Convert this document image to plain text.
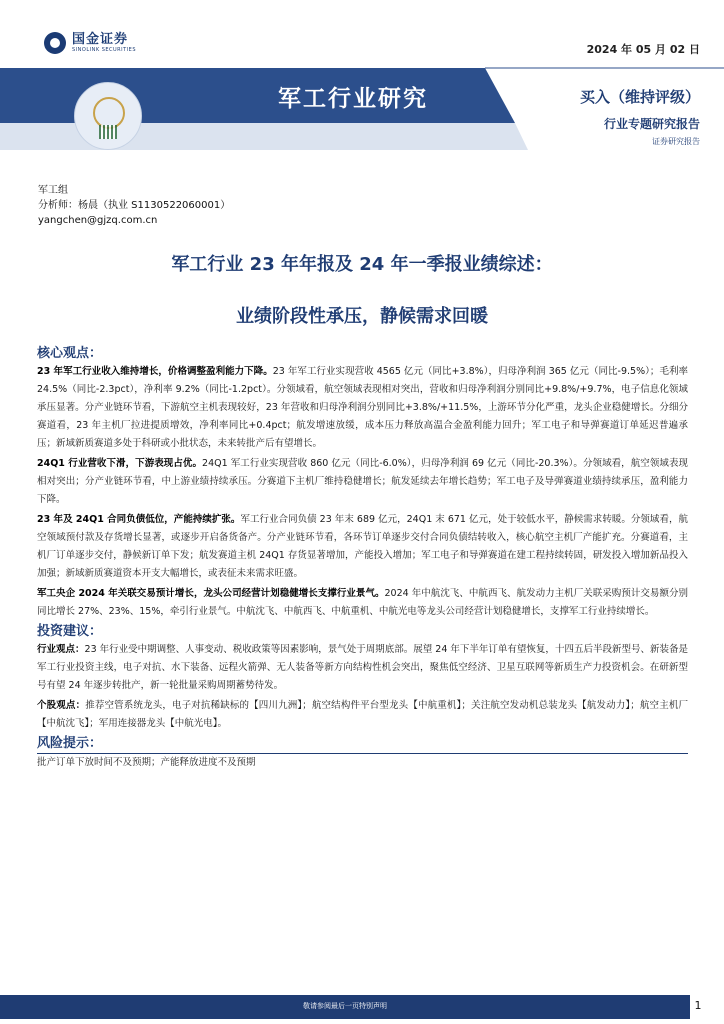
国金证券
SINOLINK SECURITIES	2024 年 05 月 02 日
军工行业研究	买入（维持评级）
行业专题研究报告
证券研究报告
军工组
分析师：杨晨（执业 S1130522060001）
yangchen@gjzq.com.cn
军工行业 23 年年报及 24 年一季报业绩综述：
业绩阶段性承压，静候需求回暖
核心观点：

23 年军工行业收入维持增长，价格调整盈利能力下降。23 年军工行业实现营收 4565 亿元（同比+3.8%），归母净利润 365 亿元（同比-9.5%）；毛利率 24.5%（同比-2.3pct），净利率 9.2%（同比-1.2pct）。分领域看，航空领域表现相对突出，营收和归母净利润分别同比+9.8%/+9.7%，电子信息化领域承压显著。分产业链环节看，下游航空主机表现较好，23 年营收和归母净利润分别同比+3.8%/+11.5%，上游环节分化严重，龙头企业稳健增长。分细分赛道看，23 年主机厂拉进提质增效，净利率同比+0.4pct；航发增速放缓，成本压力释放高温合金盈利能力回升；军工电子和导弹赛道订单延迟普遍承压；新域新质赛道多处于科研或小批状态，未来转批产后有望增长。

24Q1 行业营收下滑，下游表现占优。24Q1 军工行业实现营收 860 亿元（同比-6.0%），归母净利润 69 亿元（同比-20.3%）。分领域看，航空领域表现相对突出；分产业链环节看，中上游业绩持续承压。分赛道下主机厂维持稳健增长；航发延续去年增长趋势；军工电子及导弹赛道业绩持续承压，盈利能力下降。

23 年及 24Q1 合同负债低位，产能持续扩张。军工行业合同负债 23 年末 689 亿元，24Q1 末 671 亿元，处于较低水平，静候需求转暖。分领域看，航空领域预付款及存货增长显著，或逐步开启备货备产。分产业链环节看，各环节订单逐步交付合同负债结转收入，核心航空主机厂产能扩充。分赛道看，主机厂订单逐步交付，静候新订单下发；航发赛道主机 24Q1 存货显著增加，产能投入增加；军工电子和导弹赛道在建工程持续转固，研发投入增加新品投入加强；新域新质赛道资本开支大幅增长，或表征未来需求旺盛。

军工央企 2024 年关联交易预计增长，龙头公司经营计划稳健增长支撑行业景气。2024 年中航沈飞、中航西飞、航发动力主机厂关联采购预计交易额分别同比增长 27%、23%、15%，牵引行业景气。中航沈飞、中航西飞、中航重机、中航光电等龙头公司经营计划稳健增长，支撑军工行业持续增长。

投资建议：

行业观点：23 年行业受中期调整、人事变动、税收政策等因素影响，景气处于周期底部。展望 24 年下半年订单有望恢复，十四五后半段新型号、新装备是军工行业投资主线，电子对抗、水下装备、远程火箭弹、无人装备等新方向结构性机会突出，聚焦低空经济、卫星互联网等新质生产力投资机会。在研新型号有望 24 年逐步转批产，新一轮批量采购周期蓄势待发。

个股观点：推荐空管系统龙头，电子对抗稀缺标的【四川九洲】；航空结构件平台型龙头【中航重机】；关注航空发动机总装龙头【航发动力】；航空主机厂【中航沈飞】；军用连接器龙头【中航光电】。

风险提示：

批产订单下放时间不及预期；产能释放进度不及预期

敬请参阅最后一页特别声明	1
